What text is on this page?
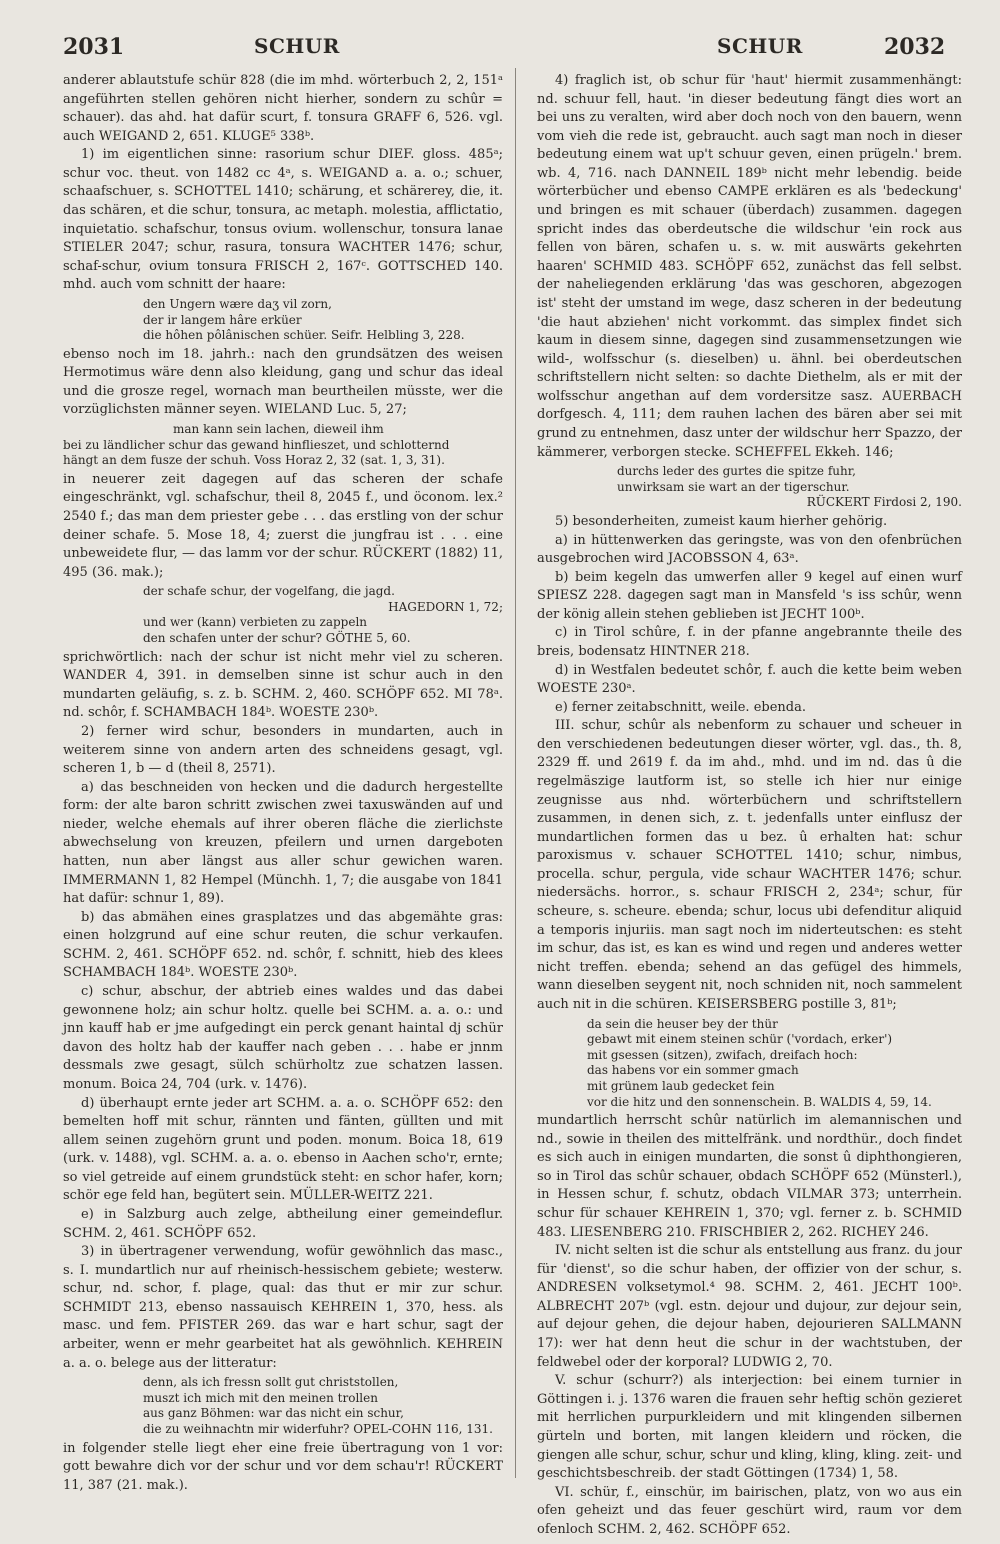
2031	SCHUR	SCHUR	2032

anderer ablautstufe schür 828 (die im mhd. wörterbuch 2, 2, 151ᵃ angeführten stellen gehören nicht hierher, sondern zu schûr = schauer). das ahd. hat dafür scurt, f. tonsura GRAFF 6, 526. vgl. auch WEIGAND 2, 651. KLUGE⁵ 338ᵇ.

1) im eigentlichen sinne: rasorium schur DIEF. gloss. 485ᵃ; schur voc. theut. von 1482 cc 4ᵃ, s. WEIGAND a. a. o.; schuer, schaafschuer, s. SCHOTTEL 1410; schärung, et schärerey, die, it. das schären, et die schur, tonsura, ac metaph. molestia, afflictatio, inquietatio. schafschur, tonsus ovium. wollenschur, tonsura lanae STIELER 2047; schur, rasura, tonsura WACHTER 1476; schur, schaf-schur, ovium tonsura FRISCH 2, 167ᶜ. GOTTSCHED 140. mhd. auch vom schnitt der haare:

den Ungern wære daʒ vil zorn,
der ir langem hâre erküer
die hôhen pôlânischen schüer. Seifr. Helbling 3, 228.

ebenso noch im 18. jahrh.: nach den grundsätzen des weisen Hermotimus wäre denn also kleidung, gang und schur das ideal und die grosze regel, wornach man beurtheilen müsste, wer die vorzüglichsten männer seyen. WIELAND Luc. 5, 27;

man kann sein lachen, dieweil ihm
bei zu ländlicher schur das gewand hinflieszet, und schlotternd
hängt an dem fusze der schuh. Voss Horaz 2, 32 (sat. 1, 3, 31).

in neuerer zeit dagegen auf das scheren der schafe eingeschränkt, vgl. schafschur, theil 8, 2045 f., und öconom. lex.² 2540 f.; das man dem priester gebe . . . das erstling von der schur deiner schafe. 5. Mose 18, 4; zuerst die jungfrau ist . . . eine unbeweidete flur, — das lamm vor der schur. RÜCKERT (1882) 11, 495 (36. mak.);

der schafe schur, der vogelfang, die jagd.
HAGEDORN 1, 72;
und wer (kann) verbieten zu zappeln
den schafen unter der schur? GÖTHE 5, 60.

sprichwörtlich: nach der schur ist nicht mehr viel zu scheren. WANDER 4, 391. in demselben sinne ist schur auch in den mundarten geläufig, s. z. b. SCHM. 2, 460. SCHÖPF 652. MI 78ᵃ. nd. schôr, f. SCHAMBACH 184ᵇ. WOESTE 230ᵇ.

2) ferner wird schur, besonders in mundarten, auch in weiterem sinne von andern arten des schneidens gesagt, vgl. scheren 1, b — d (theil 8, 2571).

a) das beschneiden von hecken und die dadurch hergestellte form: der alte baron schritt zwischen zwei taxuswänden auf und nieder, welche ehemals auf ihrer oberen fläche die zierlichste abwechselung von kreuzen, pfeilern und urnen dargeboten hatten, nun aber längst aus aller schur gewichen waren. IMMERMANN 1, 82 Hempel (Münchh. 1, 7; die ausgabe von 1841 hat dafür: schnur 1, 89).

b) das abmähen eines grasplatzes und das abgemähte gras: einen holzgrund auf eine schur reuten, die schur verkaufen. SCHM. 2, 461. SCHÖPF 652. nd. schôr, f. schnitt, hieb des klees SCHAMBACH 184ᵇ. WOESTE 230ᵇ.

c) schur, abschur, der abtrieb eines waldes und das dabei gewonnene holz; ain schur holtz. quelle bei SCHM. a. a. o.: und jnn kauff hab er jme aufgedingt ein perck genant haintal dj schür davon des holtz hab der kauffer nach geben . . . habe er jnnm dessmals zwe gesagt, sülch schürholtz zue schatzen lassen. monum. Boica 24, 704 (urk. v. 1476).

d) überhaupt ernte jeder art SCHM. a. a. o. SCHÖPF 652: den bemelten hoff mit schur, rännten und fänten, güllten und mit allem seinen zugehörn grunt und poden. monum. Boica 18, 619 (urk. v. 1488), vgl. SCHM. a. a. o. ebenso in Aachen scho'r, ernte; so viel getreide auf einem grundstück steht: en schor hafer, korn; schör ege feld han, begütert sein. MÜLLER-WEITZ 221.

e) in Salzburg auch zelge, abtheilung einer gemeindeflur. SCHM. 2, 461. SCHÖPF 652.

3) in übertragener verwendung, wofür gewöhnlich das masc., s. I. mundartlich nur auf rheinisch-hessischem gebiete; westerw. schur, nd. schor, f. plage, qual: das thut er mir zur schur. SCHMIDT 213, ebenso nassauisch KEHREIN 1, 370, hess. als masc. und fem. PFISTER 269. das war e hart schur, sagt der arbeiter, wenn er mehr gearbeitet hat als gewöhnlich. KEHREIN a. a. o. belege aus der litteratur:

denn, als ich fressn sollt gut christstollen,
muszt ich mich mit den meinen trollen
aus ganz Böhmen: war das nicht ein schur,
die zu weihnachtn mir widerfuhr? OPEL-COHN 116, 131.

in folgender stelle liegt eher eine freie übertragung von 1 vor: gott bewahre dich vor der schur und vor dem schau'r! RÜCKERT 11, 387 (21. mak.).

4) fraglich ist, ob schur für 'haut' hiermit zusammenhängt: nd. schuur fell, haut. 'in dieser bedeutung fängt dies wort an bei uns zu veralten, wird aber doch noch von den bauern, wenn vom vieh die rede ist, gebraucht. auch sagt man noch in dieser bedeutung einem wat up't schuur geven, einen prügeln.' brem. wb. 4, 716. nach DANNEIL 189ᵇ nicht mehr lebendig. beide wörterbücher und ebenso CAMPE erklären es als 'bedeckung' und bringen es mit schauer (überdach) zusammen. dagegen spricht indes das oberdeutsche die wildschur 'ein rock aus fellen von bären, schafen u. s. w. mit auswärts gekehrten haaren' SCHMID 483. SCHÖPF 652, zunächst das fell selbst. der naheliegenden erklärung 'das was geschoren, abgezogen ist' steht der umstand im wege, dasz scheren in der bedeutung 'die haut abziehen' nicht vorkommt. das simplex findet sich kaum in diesem sinne, dagegen sind zusammensetzungen wie wild-, wolfsschur (s. dieselben) u. ähnl. bei oberdeutschen schriftstellern nicht selten: so dachte Diethelm, als er mit der wolfsschur angethan auf dem vordersitze sasz. AUERBACH dorfgesch. 4, 111; dem rauhen lachen des bären aber sei mit grund zu entnehmen, dasz unter der wildschur herr Spazzo, der kämmerer, verborgen stecke. SCHEFFEL Ekkeh. 146;

durchs leder des gurtes die spitze fuhr,
unwirksam sie wart an der tigerschur.
RÜCKERT Firdosi 2, 190.

5) besonderheiten, zumeist kaum hierher gehörig.

a) in hüttenwerken das geringste, was von den ofenbrüchen ausgebrochen wird JACOBSSON 4, 63ᵃ.

b) beim kegeln das umwerfen aller 9 kegel auf einen wurf SPIESZ 228. dagegen sagt man in Mansfeld 's iss schûr, wenn der könig allein stehen geblieben ist JECHT 100ᵇ.

c) in Tirol schûre, f. in der pfanne angebrannte theile des breis, bodensatz HINTNER 218.

d) in Westfalen bedeutet schôr, f. auch die kette beim weben WOESTE 230ᵃ.

e) ferner zeitabschnitt, weile. ebenda.

III. schur, schûr als nebenform zu schauer und scheuer in den verschiedenen bedeutungen dieser wörter, vgl. das., th. 8, 2329 ff. und 2619 f. da im ahd., mhd. und im nd. das û die regelmäszige lautform ist, so stelle ich hier nur einige zeugnisse aus nhd. wörterbüchern und schriftstellern zusammen, in denen sich, z. t. jedenfalls unter einflusz der mundartlichen formen das u bez. û erhalten hat: schur paroxismus v. schauer SCHOTTEL 1410; schur, nimbus, procella. schur, pergula, vide schaur WACHTER 1476; schur. niedersächs. horror., s. schaur FRISCH 2, 234ᵃ; schur, für scheure, s. scheure. ebenda; schur, locus ubi defenditur aliquid a temporis injuriis. man sagt noch im niderteutschen: es steht im schur, das ist, es kan es wind und regen und anderes wetter nicht treffen. ebenda; sehend an das gefügel des himmels, wann dieselben seygent nit, noch schniden nit, noch sammelent auch nit in die schüren. KEISERSBERG postille 3, 81ᵇ;

da sein die heuser bey der thür
gebawt mit einem steinen schür ('vordach, erker')
mit gsessen (sitzen), zwifach, dreifach hoch:
das habens vor ein sommer gmach
mit grünem laub gedecket fein
vor die hitz und den sonnenschein. B. WALDIS 4, 59, 14.

mundartlich herrscht schûr natürlich im alemannischen und nd., sowie in theilen des mittelfränk. und nordthür., doch findet es sich auch in einigen mundarten, die sonst û diphthongieren, so in Tirol das schûr schauer, obdach SCHÖPF 652 (Münsterl.), in Hessen schur, f. schutz, obdach VILMAR 373; unterrhein. schur für schauer KEHREIN 1, 370; vgl. ferner z. b. SCHMID 483. LIESENBERG 210. FRISCHBIER 2, 262. RICHEY 246.

IV. nicht selten ist die schur als entstellung aus franz. du jour für 'dienst', so die schur haben, der offizier von der schur, s. ANDRESEN volksetymol.⁴ 98. SCHM. 2, 461. JECHT 100ᵇ. ALBRECHT 207ᵇ (vgl. estn. dejour und dujour, zur dejour sein, auf dejour gehen, die dejour haben, dejourieren SALLMANN 17): wer hat denn heut die schur in der wachtstuben, der feldwebel oder der korporal? LUDWIG 2, 70.

V. schur (schurr?) als interjection: bei einem turnier in Göttingen i. j. 1376 waren die frauen sehr heftig schön gezieret mit herrlichen purpurkleidern und mit klingenden silbernen gürteln und borten, mit langen kleidern und röcken, die giengen alle schur, schur, schur und kling, kling, kling. zeit- und geschichtsbeschreib. der stadt Göttingen (1734) 1, 58.

VI. schür, f., einschür, im bairischen, platz, von wo aus ein ofen geheizt und das feuer geschürt wird, raum vor dem ofenloch SCHM. 2, 462. SCHÖPF 652.
